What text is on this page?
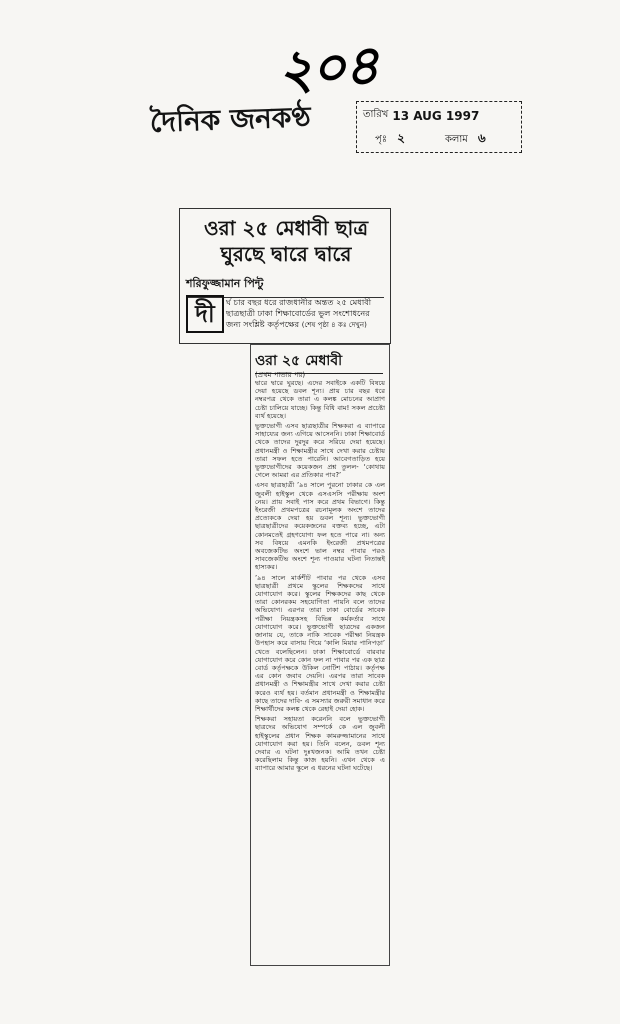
২০৪
দৈনিক জনকণ্ঠ	তারিখ 13 AUG 1997
পৃঃ ২	কলাম ৬
ওরা ২৫ মেধাবী ছাত্র
ঘুরছে দ্বারে দ্বারে
শরিফুজ্জামান পিন্টু
দী	র্ঘ চার বছর ধরে রাজধানীর অন্তত ২৫ মেধাবী ছাত্রছাত্রী ঢাকা শিক্ষাবোর্ডের ভুল সংশোধনের জন্য সংশ্লিষ্ট কর্তৃপক্ষের (শেষ পৃষ্ঠা ৪ কঃ দেখুন)
ওরা ২৫ মেধাবী
(প্রথম পাতার পর)

দ্বারে দ্বারে ঘুরছে। এদের সবাইকে একটি বিষয়ে দেয়া হয়েছে ডবল শূন্য। প্রায় চার বছর ধরে নম্বরপত্র থেকে তারা এ কলঙ্ক মোচনের আপ্রাণ চেষ্টা চালিয়ে যাচ্ছে। কিন্তু বিধি বাম! সকল প্রচেষ্টা ব্যর্থ হয়েছে।

ভুক্তভোগী এসব ছাত্রছাত্রীর শিক্ষকরা এ ব্যাপারে সাহায্যের জন্য এগিয়ে আসেননি। ঢাকা শিক্ষাবোর্ড থেকে তাদের দুরদুর করে সরিয়ে দেয়া হয়েছে। প্রধানমন্ত্রী ও শিক্ষামন্ত্রীর সাথে দেখা করার চেষ্টায় তারা সফল হতে পারেনি। আবেগতাড়িত হয়ে ভুক্তভোগীদের কয়েকজন প্রশ্ন তুলল- ‘কোথায় গেলে আমরা এর প্রতিকার পাব?’

এসব ছাত্রছাত্রী ’৯৪ সালে পুরনো ঢাকার কে এল জুবলী হাইস্কুল থেকে এসএসসি পরীক্ষায় অংশ নেয়। প্রায় সবাই পাস করে প্রথম বিভাগে। কিন্তু ইংরেজী প্রথমপত্রের রচনামূলক অংশে তাদের প্রত্যেককে দেয়া হয় ডবল শূন্য। ভুক্তভোগী ছাত্রছাত্রীদের কয়েকজনের বক্তব্য হচ্ছে, এটা কোনমতেই গ্রহণযোগ্য ফল হতে পারে না। অন্য সব বিষয়ে এমনকি ইংরেজী প্রথমপত্রের অবজেকটিভ অংশে ভাল নম্বর পাবার পরও সাবজেকটিভ অংশে শূন্য পাওয়ার ঘটনা নিতান্তই হাস্যকর।

’৯৪ সালে মার্কশীট পাবার পর থেকে এসব ছাত্রছাত্রী প্রথমে স্কুলের শিক্ষকদের সাথে যোগাযোগ করে। স্কুলের শিক্ষকদের কাছ থেকে তারা কোনরকম সহযোগিতা পায়নি বলে তাদের অভিযোগ। এরপর তারা ঢাকা বোর্ডের সাবেক পরীক্ষা নিয়ন্ত্রকসহ বিভিন্ন কর্মকর্তার সাথে যোগাযোগ করে। ভুক্তভোগী ছাত্রদের একজন জানায় যে, তাকে নাকি সাবেক পরীক্ষা নিয়ন্ত্রক উপহাস করে বাসায় গিয়ে ‘কালি মিয়ার পানিপড়া’ খেতে বলেছিলেন। ঢাকা শিক্ষাবোর্ডে বারবার যোগাযোগ করে কোন ফল না পাবার পর এক ছাত্র বোর্ড কর্তৃপক্ষকে উকিল নোটিশ পাঠায়। কর্তৃপক্ষ এর কোন জবাব দেয়নি। এরপর তারা সাবেক প্রধানমন্ত্রী ও শিক্ষামন্ত্রীর সাথে দেখা করার চেষ্টা করেও ব্যর্থ হয়। বর্তমান প্রধানমন্ত্রী ও শিক্ষামন্ত্রীর কাছে তাদের দাবি- এ সমস্যার জরুরী সমাধান করে শিক্ষার্থীদের কলঙ্ক থেকে রেহাই দেয়া হোক।

শিক্ষকরা সহায়তা করেননি বলে ভুক্তভোগী ছাত্রদের অভিযোগ সম্পর্কে কে এল জুবলী হাইস্কুলের প্রধান শিক্ষক কামরুজ্জামানের সাথে যোগাযোগ করা হয়। তিনি বলেন, ডবল শূন্য দেবার এ ঘটনা দুঃখজনক। আমি তখন চেষ্টা করেছিলাম কিন্তু কাজ হয়নি। এখন থেকে এ ব্যাপারে আমার স্কুলে এ ধরনের ঘটনা ঘটেছে।
